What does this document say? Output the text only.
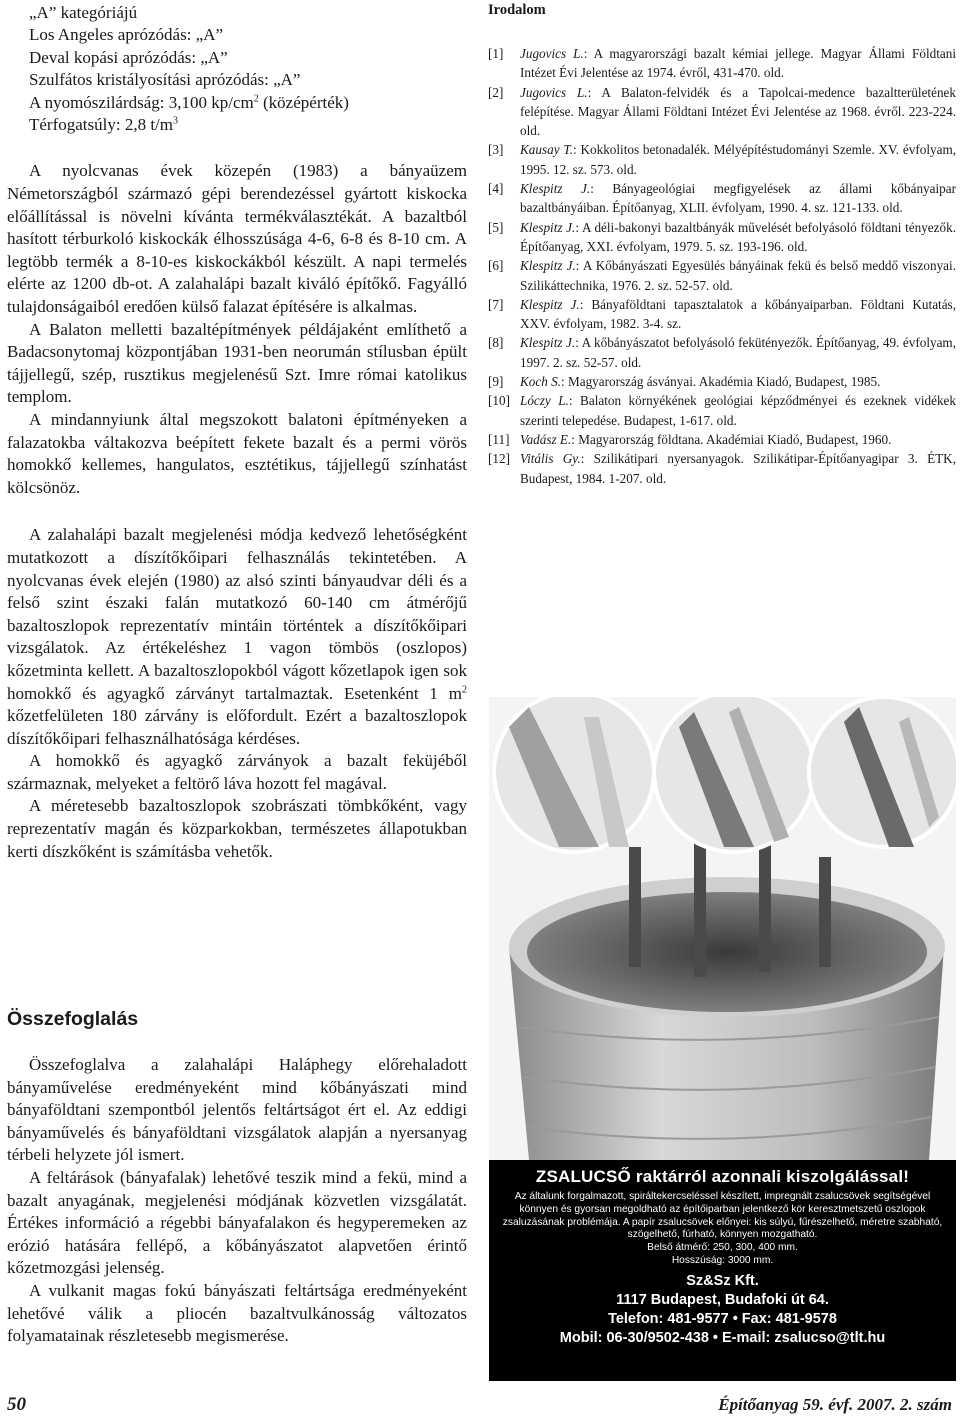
„A” kategóriájú
Los Angeles aprózódás: „A”
Deval kopási aprózódás: „A”
Szulfátos kristályosítási aprózódás: „A”
A nyomószilárdság: 3,100 $kp/cm^2$ (középérték)
Térfogatsúly: 2,8 $t/m^3$

A nyolcvanas évek közepén (1983) a bányaüzem Németországból származó gépi berendezéssel gyártott kiskocka előállítással is növelni kívánta termékválasztékát. A bazaltból hasított térburkoló kiskockák élhosszúsága 4-6, 6-8 és 8-10 cm. A legtöbb termék a 8-10-es kiskockákból készült. A napi termelés elérte az 1200 db-ot. A zalahalápi bazalt kiváló építőkő. Fagyálló tulajdonságaiból eredően külső falazat építésére is alkalmas.

A Balaton melletti bazaltépítmények példájaként említhető a Badacsonytomaj központjában 1931-ben neorumán stílusban épült tájjellegű, szép, rusztikus megjelenésű Szt. Imre római katolikus templom.

A mindannyiunk által megszokott balatoni építményeken a falazatokba váltakozva beépített fekete bazalt és a permi vörös homokkő kellemes, hangulatos, esztétikus, tájjellegű színhatást kölcsönöz.

A zalahalápi bazalt megjelenési módja kedvező lehetőségként mutatkozott a díszítőkőipari felhasználás tekintetében. A nyolcvanas évek elején (1980) az alsó szinti bányaudvar déli és a felső szint északi falán mutatkozó 60-140 cm átmérőjű bazaltoszlopok reprezentatív mintáin történtek a díszítőkőipari vizsgálatok. Az értékeléshez 1 vagon tömbös (oszlopos) kőzetminta kellett. A bazaltoszlopokból vágott kőzetlapok igen sok homokkő és agyagkő zárványt tartalmaztak. Esetenként 1 $m^2$ kőzetfelületen 180 zárvány is előfordult. Ezért a bazaltoszlopok díszítőkőipari felhasználhatósága kérdéses.

A homokkő és agyagkő zárványok a bazalt feküjéből származnak, melyeket a feltörő láva hozott fel magával.

A méretesebb bazaltoszlopok szobrászati tömbkőként, vagy reprezentatív magán és közparkokban, természetes állapotukban kerti díszkőként is számításba vehetők.

Összefoglalás

Összefoglalva a zalahalápi Haláphegy előrehaladott bányaművelése eredményeként mind kőbányászati mind bányaföldtani szempontból jelentős feltártságot ért el. Az eddigi bányaművelés és bányaföldtani vizsgálatok alapján a nyersanyag térbeli helyzete jól ismert.

A feltárások (bányafalak) lehetővé teszik mind a fekü, mind a bazalt anyagának, megjelenési módjának közvetlen vizsgálatát. Értékes információ a régebbi bányafalakon és hegyperemeken az erózió hatására fellépő, a kőbányászatot alapvetően érintő kőzetmozgási jelenség.

A vulkanit magas fokú bányászati feltártsága eredményeként lehetővé válik a pliocén bazaltvulkánosság változatos folyamatainak részletesebb megismerése.

Irodalom
[1]	Jugovics L.: A magyarországi bazalt kémiai jellege. Magyar Állami Földtani Intézet Évi Jelentése az 1974. évről, 431-470. old.
[2]	Jugovics L.: A Balaton-felvidék és a Tapolcai-medence bazaltterületének felépítése. Magyar Állami Földtani Intézet Évi Jelentése az 1968. évről. 223-224. old.
[3]	Kausay T.: Kokkolitos betonadalék. Mélyépítéstudományi Szemle. XV. évfolyam, 1995. 12. sz. 573. old.
[4]	Klespitz J.: Bányageológiai megfigyelések az állami kőbányaipar bazaltbányáiban. Építőanyag, XLII. évfolyam, 1990. 4. sz. 121-133. old.
[5]	Klespitz J.: A déli-bakonyi bazaltbányák művelését befolyásoló földtani tényezők. Építőanyag, XXI. évfolyam, 1979. 5. sz. 193-196. old.
[6]	Klespitz J.: A Kőbányászati Egyesülés bányáinak fekü és belső meddő viszonyai. Szilikáttechnika, 1976. 2. sz. 52-57. old.
[7]	Klespitz J.: Bányaföldtani tapasztalatok a kőbányaiparban. Földtani Kutatás, XXV. évfolyam, 1982. 3-4. sz.
[8]	Klespitz J.: A kőbányászatot befolyásoló fekütényezők. Építőanyag, 49. évfolyam, 1997. 2. sz. 52-57. old.
[9]	Koch S.: Magyarország ásványai. Akadémia Kiadó, Budapest, 1985.
[10] Lóczy L.: Balaton környékének geológiai képződményei és ezeknek vidékek szerinti telepedése. Budapest, 1-617. old.
[11] Vadász E.: Magyarország földtana. Akadémiai Kiadó, Budapest, 1960.
[12] Vitális Gy.: Szilikátipari nyersanyagok. Szilikátipar-Építőanyagipar 3. ÉTK, Budapest, 1984. 1-207. old.
ZSALUCSŐ raktárról azonnali kiszolgálással!
Az általunk forgalmazott, spiráltekercseléssel készített, impregnált zsalucsövek segítségével könnyen és gyorsan megoldható az építőiparban jelentkező kör keresztmetszetű oszlopok zsaluzásának problémája. A papír zsalucsövek előnyei: kis súlyú, fűrészelhető, méretre szabható, szögelhető, fúrható, könnyen mozgatható.
Belső átmérő: 250, 300, 400 mm.
Hosszúság: 3000 mm.
Sz&Sz Kft.
1117 Budapest, Budafoki út 64.
Telefon: 481-9577 • Fax: 481-9578
Mobil: 06-30/9502-438 • E-mail: zsalucso@tlt.hu
50	Építőanyag 59. évf. 2007. 2. szám
